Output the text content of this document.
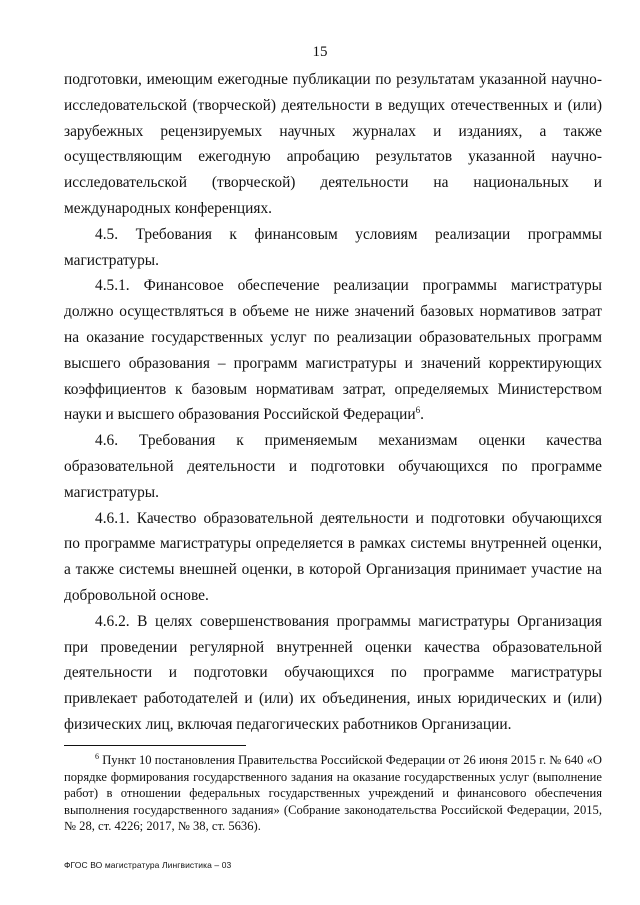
15

подготовки, имеющим ежегодные публикации по результатам указанной научно-исследовательской (творческой) деятельности в ведущих отечественных и (или) зарубежных рецензируемых научных журналах и изданиях, а также осуществляющим ежегодную апробацию результатов указанной научно-исследовательской (творческой) деятельности на национальных и международных конференциях.

4.5. Требования к финансовым условиям реализации программы магистратуры.

4.5.1. Финансовое обеспечение реализации программы магистратуры должно осуществляться в объеме не ниже значений базовых нормативов затрат на оказание государственных услуг по реализации образовательных программ высшего образования – программ магистратуры и значений корректирующих коэффициентов к базовым нормативам затрат, определяемых Министерством науки и высшего образования Российской Федерации$^6$.

4.6. Требования к применяемым механизмам оценки качества образовательной деятельности и подготовки обучающихся по программе магистратуры.

4.6.1. Качество образовательной деятельности и подготовки обучающихся по программе магистратуры определяется в рамках системы внутренней оценки, а также системы внешней оценки, в которой Организация принимает участие на добровольной основе.

4.6.2. В целях совершенствования программы магистратуры Организация при проведении регулярной внутренней оценки качества образовательной деятельности и подготовки обучающихся по программе магистратуры привлекает работодателей и (или) их объединения, иных юридических и (или) физических лиц, включая педагогических работников Организации.

$^6$ Пункт 10 постановления Правительства Российской Федерации от 26 июня 2015 г. № 640 «О порядке формирования государственного задания на оказание государственных услуг (выполнение работ) в отношении федеральных государственных учреждений и финансового обеспечения выполнения государственного задания» (Собрание законодательства Российской Федерации, 2015, № 28, ст. 4226; 2017, № 38, ст. 5636).

ФГОС ВО магистратура Лингвистика – 03
